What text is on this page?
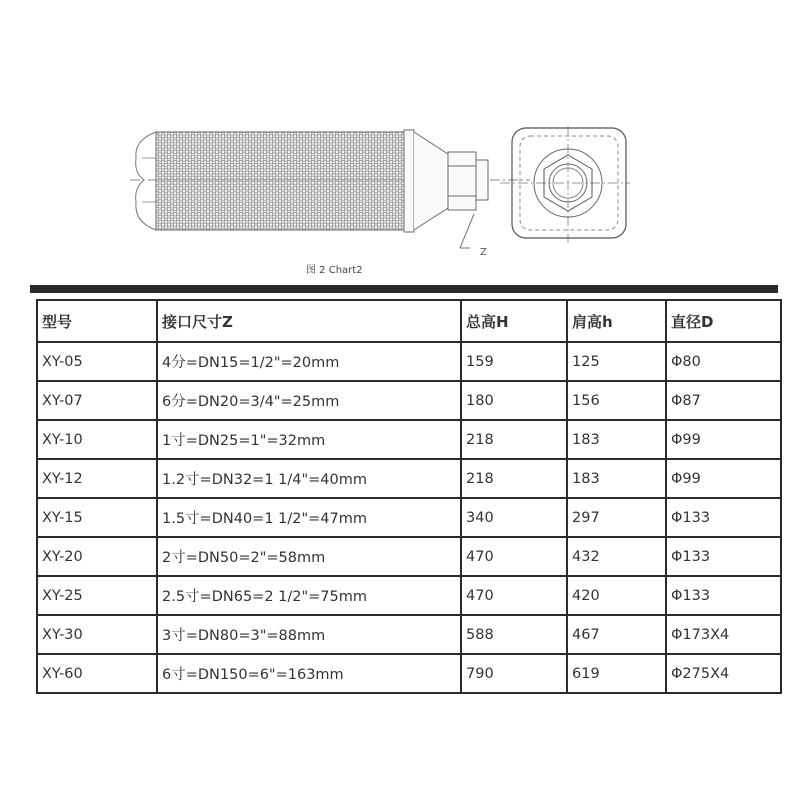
Z
图 2 Chart2
型号	接口尺寸Z	总高H	肩高h	直径D
XY-05	4分=DN15=1/2"=20mm	159	125	Φ80
XY-07	6分=DN20=3/4"=25mm	180	156	Φ87
XY-10	1寸=DN25=1"=32mm	218	183	Φ99
XY-12	1.2寸=DN32=1 1/4"=40mm	218	183	Φ99
XY-15	1.5寸=DN40=1 1/2"=47mm	340	297	Φ133
XY-20	2寸=DN50=2"=58mm	470	432	Φ133
XY-25	2.5寸=DN65=2 1/2"=75mm	470	420	Φ133
XY-30	3寸=DN80=3"=88mm	588	467	Φ173X4
XY-60	6寸=DN150=6"=163mm	790	619	Φ275X4
